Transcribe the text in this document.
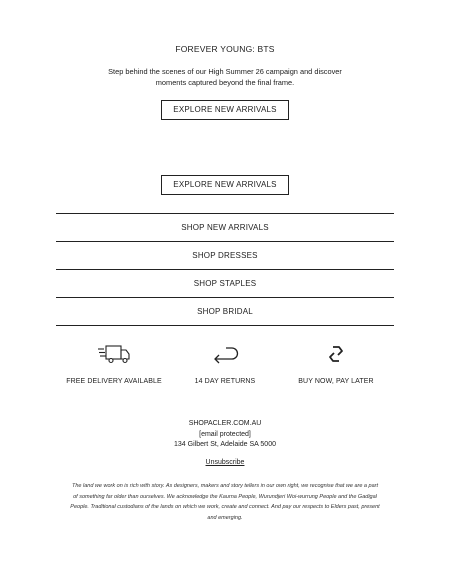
FOREVER YOUNG: BTS
Step behind the scenes of our High Summer 26 campaign and discover moments captured beyond the final frame.
EXPLORE NEW ARRIVALS
EXPLORE NEW ARRIVALS
SHOP NEW ARRIVALS
SHOP DRESSES
SHOP STAPLES
SHOP BRIDAL
FREE DELIVERY AVAILABLE	14 DAY RETURNS	BUY NOW, PAY LATER
SHOPACLER.COM.AU
[email protected]
134 Gilbert St, Adelaide SA 5000
Unsubscribe
The land we work on is rich with story. As designers, makers and story tellers in our own right, we recognise that we are a part of something far older than ourselves. We acknowledge the Kaurna People, Wurundjeri Woi-wurrung People and the Gadigal People. Traditional custodians of the lands on which we work, create and connect. And pay our respects to Elders past, present and emerging.
